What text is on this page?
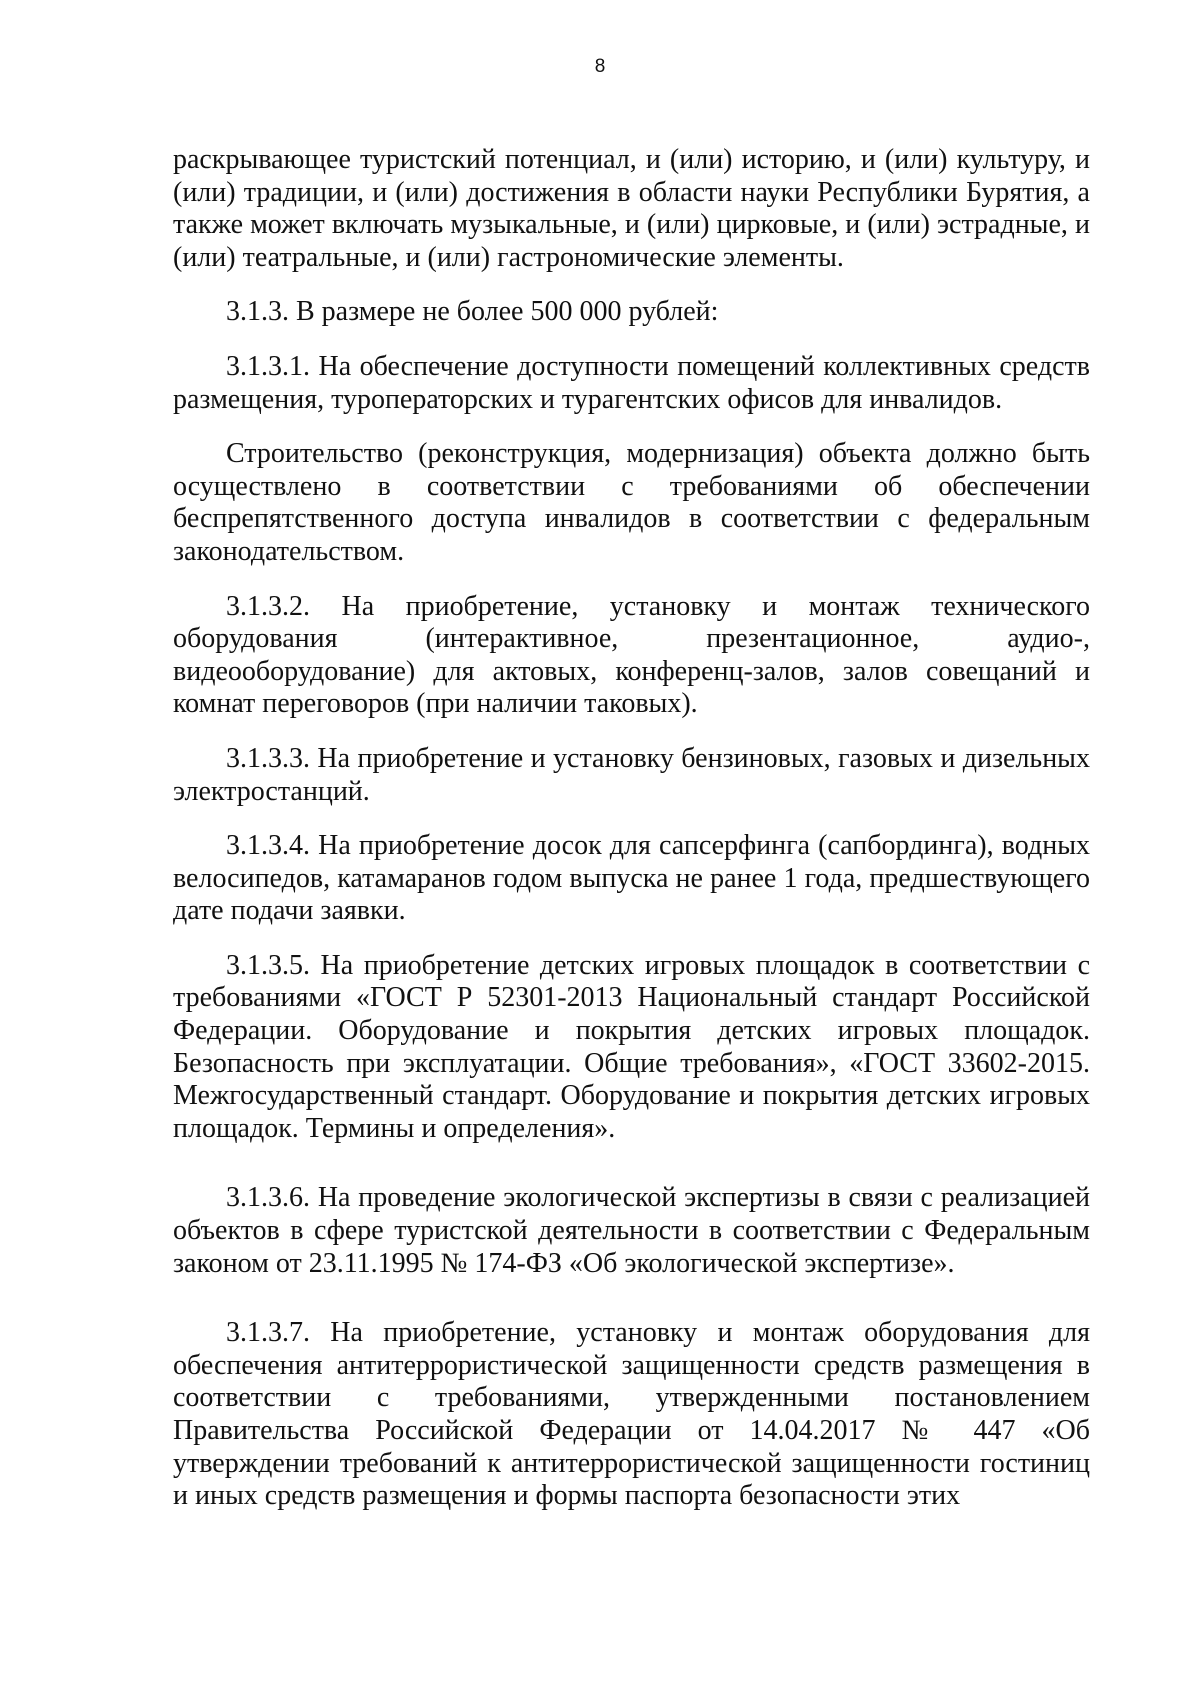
8

раскрывающее туристский потенциал, и (или) историю, и (или) культуру, и (или) традиции, и (или) достижения в области науки Республики Бурятия, а также может включать музыкальные, и (или) цирковые, и (или) эстрадные, и (или) театральные, и (или) гастрономические элементы.

3.1.3. В размере не более 500 000 рублей:

3.1.3.1. На обеспечение доступности помещений коллективных средств размещения, туроператорских и турагентских офисов для инвалидов.

Строительство (реконструкция, модернизация) объекта должно быть осуществлено в соответствии с требованиями об обеспечении беспрепятственного доступа инвалидов в соответствии с федеральным законодательством.

3.1.3.2. На приобретение, установку и монтаж технического оборудования (интерактивное, презентационное, аудио-, видеооборудование) для актовых, конференц-залов, залов совещаний и комнат переговоров (при наличии таковых).

3.1.3.3. На приобретение и установку бензиновых, газовых и дизельных электростанций.

3.1.3.4. На приобретение досок для сапсерфинга (сапбординга), водных велосипедов, катамаранов годом выпуска не ранее 1 года, предшествующего дате подачи заявки.

3.1.3.5. На приобретение детских игровых площадок в соответствии с требованиями «ГОСТ Р 52301-2013 Национальный стандарт Российской Федерации. Оборудование и покрытия детских игровых площадок. Безопасность при эксплуатации. Общие требования», «ГОСТ 33602-2015. Межгосударственный стандарт. Оборудование и покрытия детских игровых площадок. Термины и определения».

3.1.3.6. На проведение экологической экспертизы в связи с реализацией объектов в сфере туристской деятельности в соответствии с Федеральным законом от 23.11.1995 № 174-ФЗ «Об экологической экспертизе».

3.1.3.7. На приобретение, установку и монтаж оборудования для обеспечения антитеррористической защищенности средств размещения в соответствии с требованиями, утвержденными постановлением Правительства Российской Федерации от 14.04.2017 № 447 «Об утверждении требований к антитеррористической защищенности гостиниц и иных средств размещения и формы паспорта безопасности этих
